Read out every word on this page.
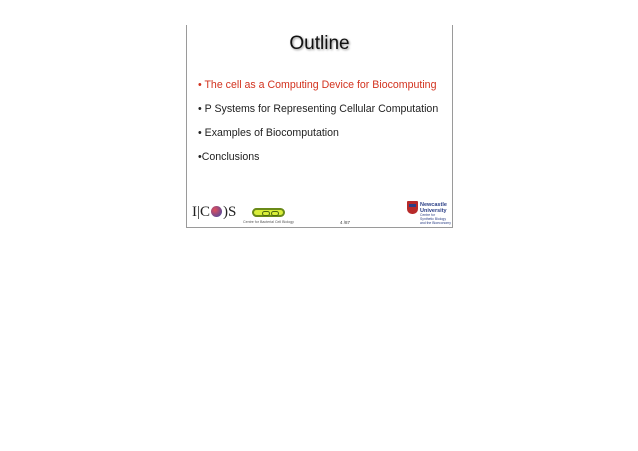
Outline
• The cell as a Computing Device for Biocomputing
• P Systems for Representing Cellular Computation
• Examples of Biocomputation
•Conclusions
I|C )S
Centre for Bacterial Cell Biology	4 /87
Newcastle
University
Centre for
Synthetic Biology
and the Bioeconomy
